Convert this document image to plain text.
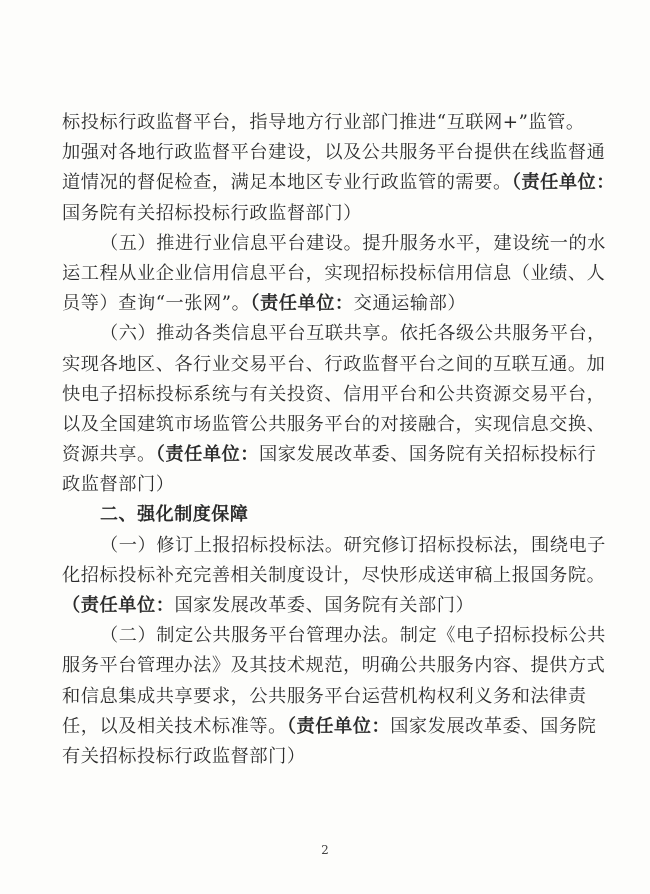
标投标行政监督平台，指导地方行业部门推进“互联网+”监管。
加强对各地行政监督平台建设，以及公共服务平台提供在线监督通
道情况的督促检查，满足本地区专业行政监管的需要。（责任单位：
国务院有关招标投标行政监督部门）
（五）推进行业信息平台建设。提升服务水平，建设统一的水
运工程从业企业信用信息平台，实现招标投标信用信息（业绩、人
员等）查询“一张网”。（责任单位：交通运输部）
（六）推动各类信息平台互联共享。依托各级公共服务平台，
实现各地区、各行业交易平台、行政监督平台之间的互联互通。加
快电子招标投标系统与有关投资、信用平台和公共资源交易平台，
以及全国建筑市场监管公共服务平台的对接融合，实现信息交换、
资源共享。（责任单位：国家发展改革委、国务院有关招标投标行
政监督部门）
二、强化制度保障
（一）修订上报招标投标法。研究修订招标投标法，围绕电子
化招标投标补充完善相关制度设计，尽快形成送审稿上报国务院。
（责任单位：国家发展改革委、国务院有关部门）
（二）制定公共服务平台管理办法。制定《电子招标投标公共
服务平台管理办法》及其技术规范，明确公共服务内容、提供方式
和信息集成共享要求，公共服务平台运营机构权利义务和法律责
任，以及相关技术标准等。（责任单位：国家发展改革委、国务院
有关招标投标行政监督部门）
2
